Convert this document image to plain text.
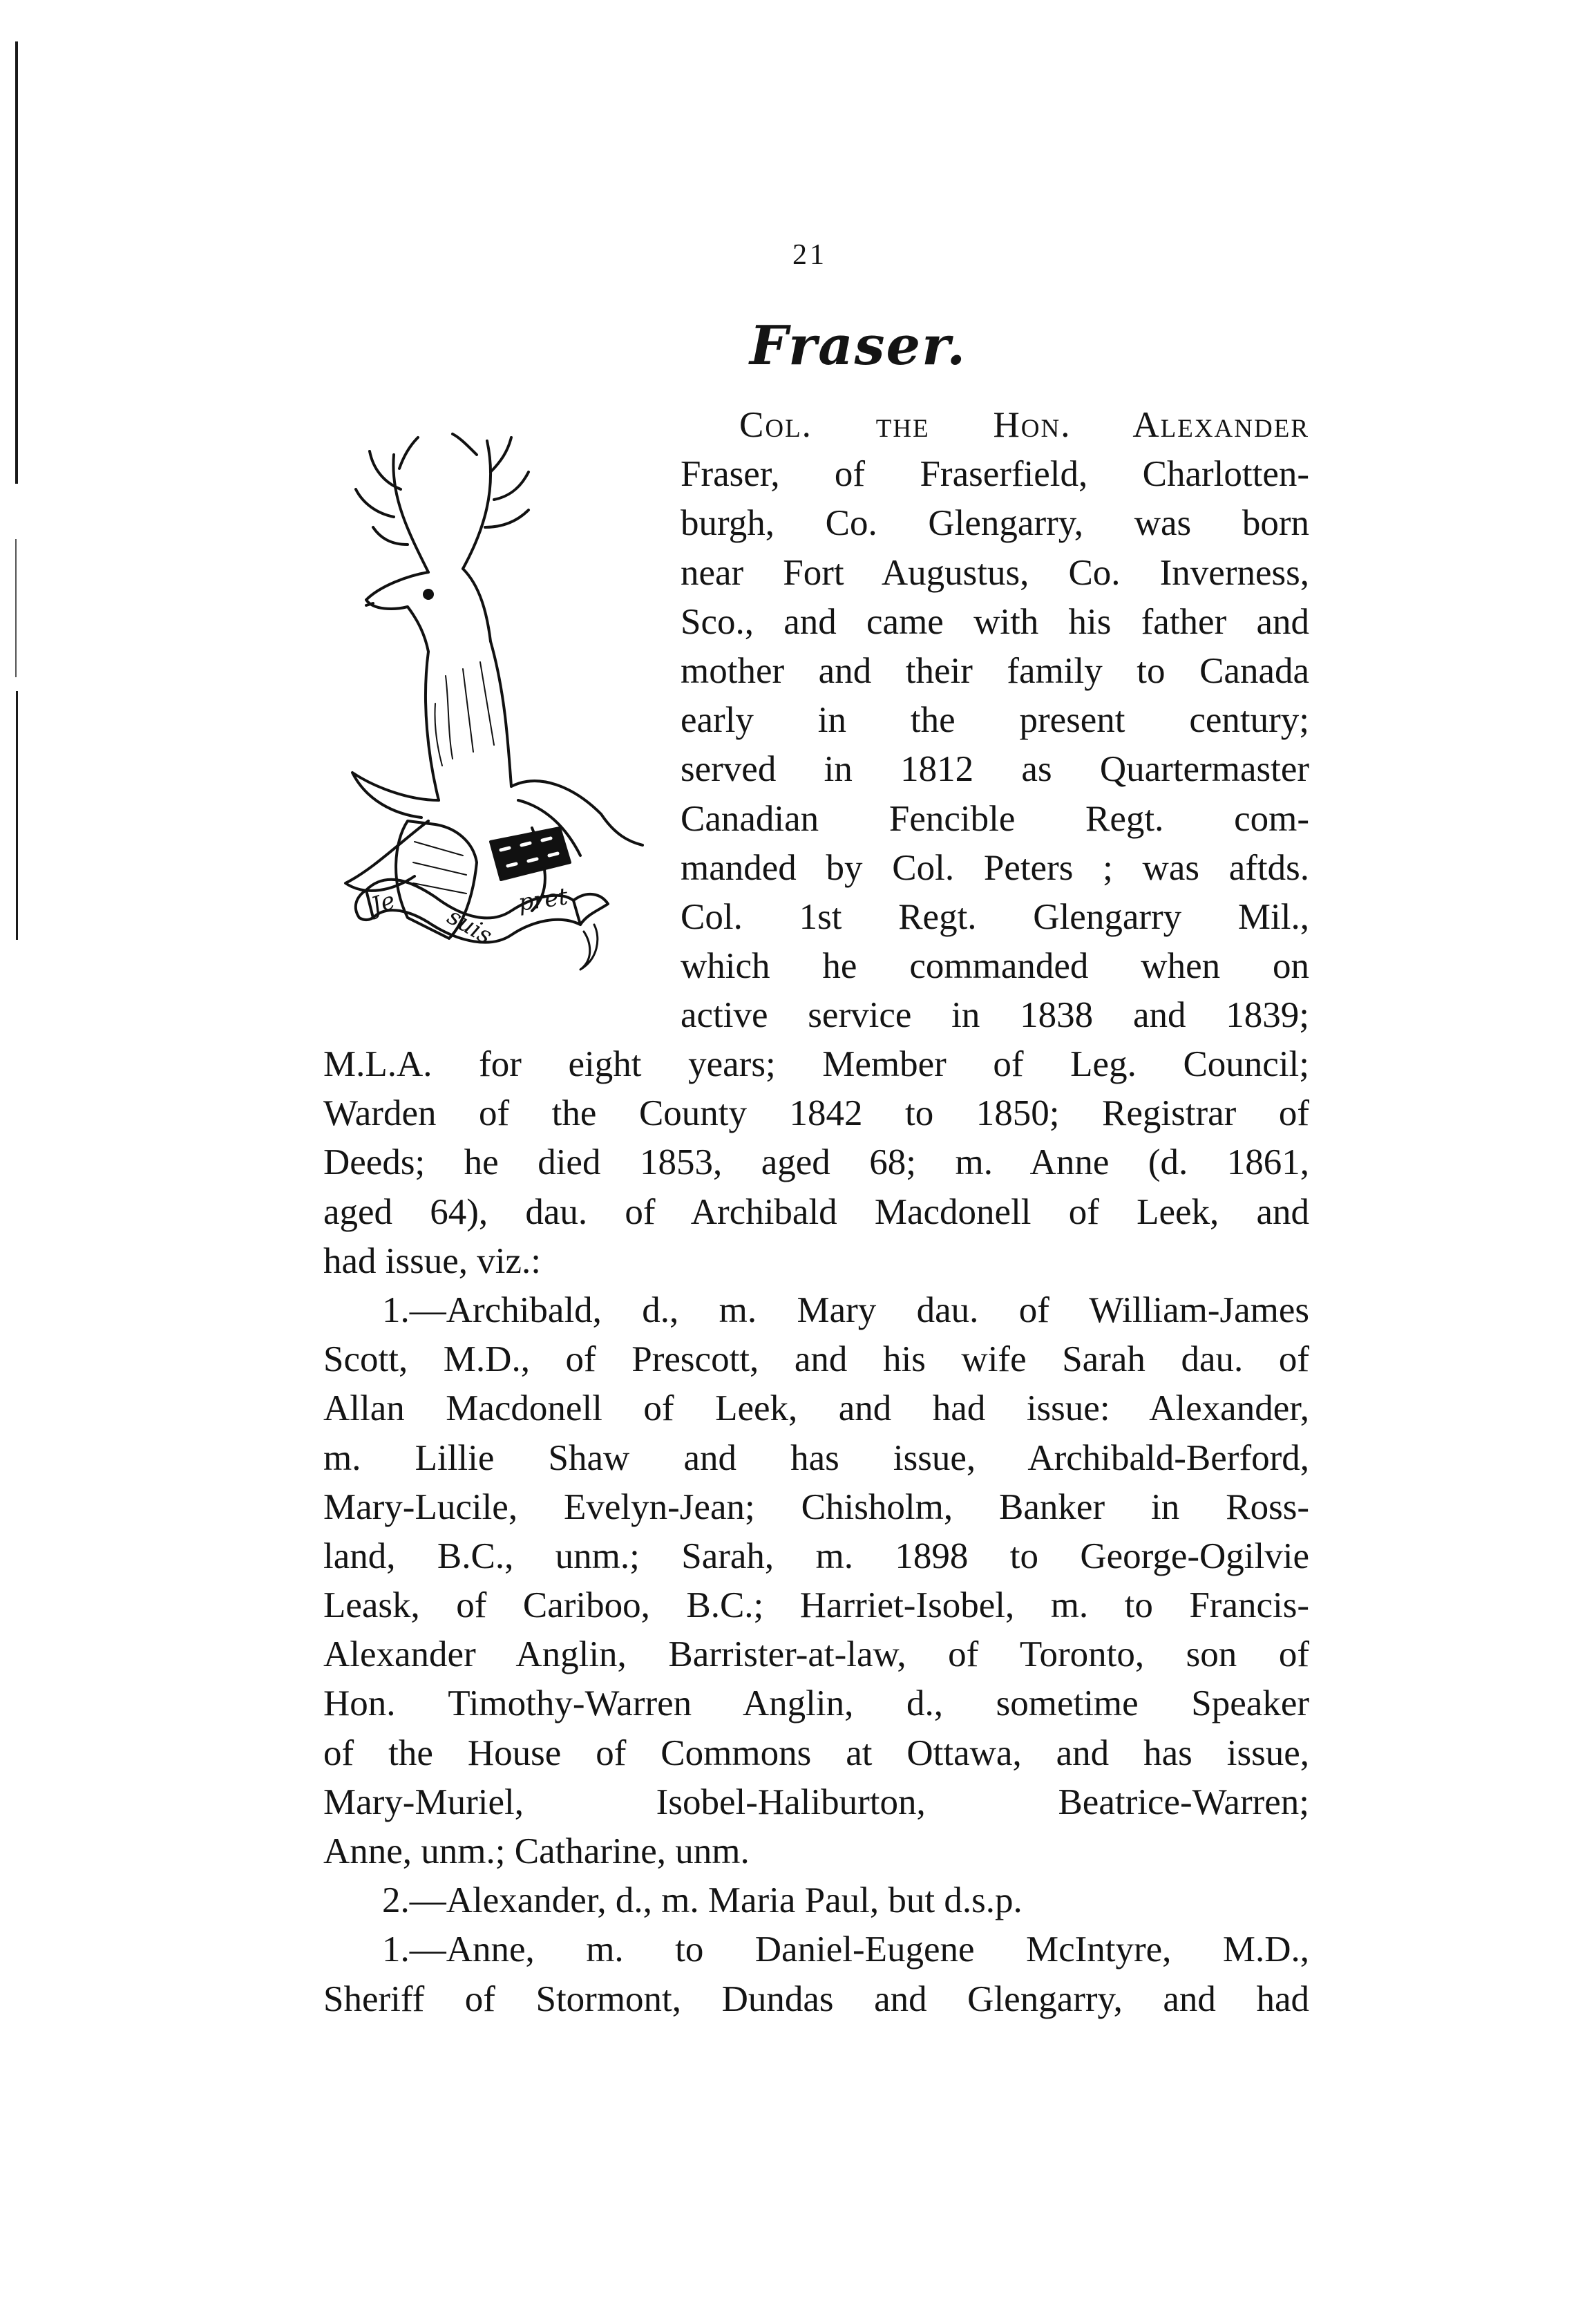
21
Fraser.
Je suis
pret
Col. the Hon. Alexander
Fraser, of Fraserfield, Charlotten-
burgh, Co. Glengarry, was born
near Fort Augustus, Co. Inverness,
Sco., and came with his father and
mother and their family to Canada
early in the present century;
served in 1812 as Quartermaster
Canadian Fencible Regt. com-
manded by Col. Peters ; was aftds.
Col. 1st Regt. Glengarry Mil.,
which he commanded when on
active service in 1838 and 1839;
M.L.A. for eight years; Member of Leg. Council;
Warden of the County 1842 to 1850; Registrar of
Deeds; he died 1853, aged 68; m. Anne (d. 1861,
aged 64), dau. of Archibald Macdonell of Leek, and
had issue, viz.:
1.—Archibald, d., m. Mary dau. of William-James
Scott, M.D., of Prescott, and his wife Sarah dau. of
Allan Macdonell of Leek, and had issue: Alexander,
m. Lillie Shaw and has issue, Archibald-Berford,
Mary-Lucile, Evelyn-Jean; Chisholm, Banker in Ross-
land, B.C., unm.; Sarah, m. 1898 to George-Ogilvie
Leask, of Cariboo, B.C.; Harriet-Isobel, m. to Francis-
Alexander Anglin, Barrister-at-law, of Toronto, son of
Hon. Timothy-Warren Anglin, d., sometime Speaker
of the House of Commons at Ottawa, and has issue,
Mary-Muriel, Isobel-Haliburton, Beatrice-Warren;
Anne, unm.; Catharine, unm.
2.—Alexander, d., m. Maria Paul, but d.s.p.
1.—Anne, m. to Daniel-Eugene McIntyre, M.D.,
Sheriff of Stormont, Dundas and Glengarry, and had
